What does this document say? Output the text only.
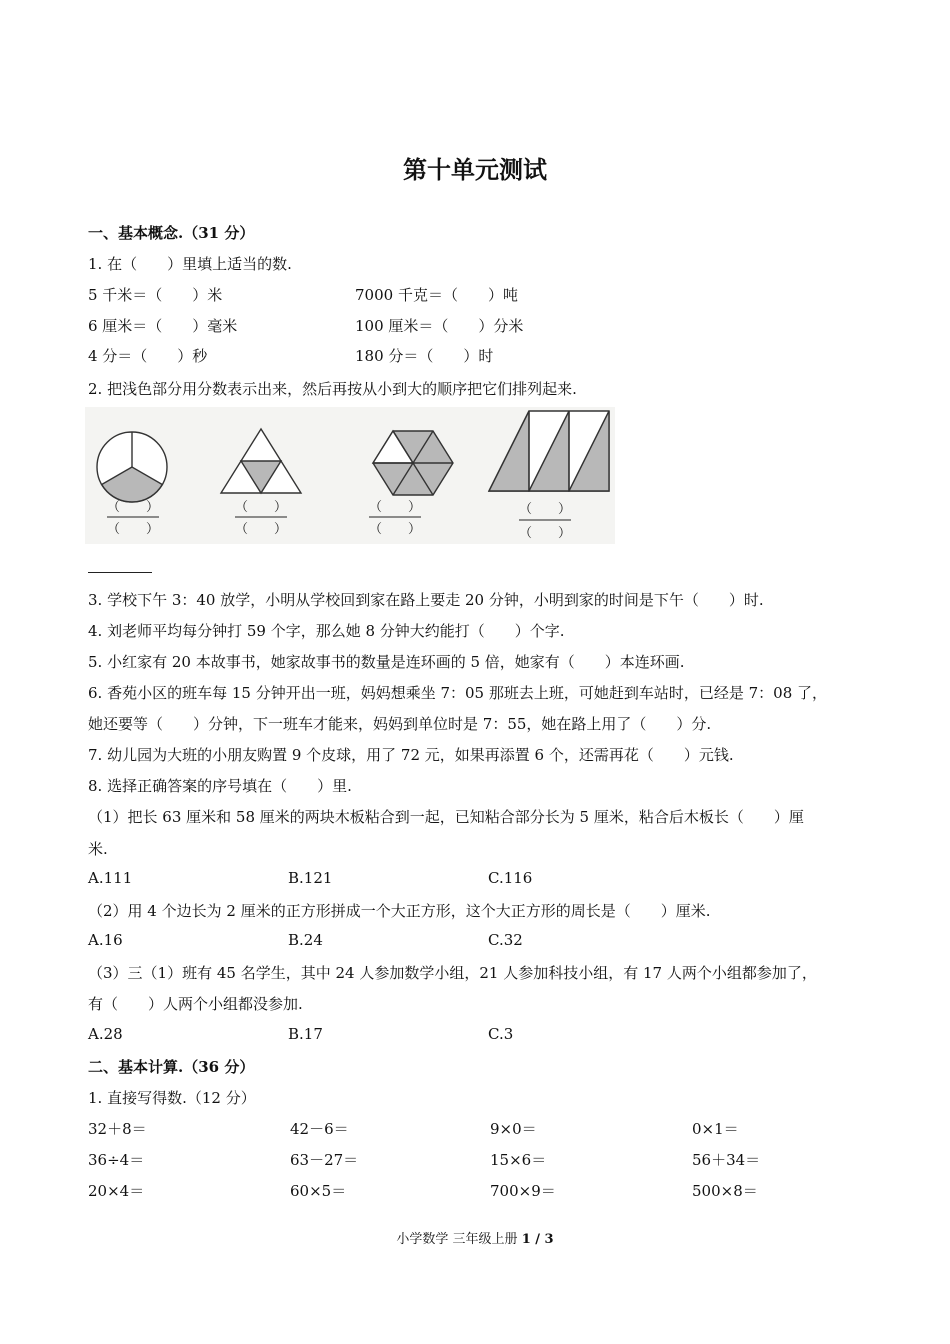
第十单元测试
一、基本概念.（31 分）
1. 在（　　）里填上适当的数.
5 千米＝（　　）米	7000 千克＝（　　）吨
6 厘米＝（　　）毫米	100 厘米＝（　　）分米
4 分＝（　　）秒	180 分＝（　　）时
2. 把浅色部分用分数表示出来，然后再按从小到大的顺序把它们排列起来.
（　　）
（　　）
（　　）
（　　）
（　　）
（　　）
（　　）
（　　）
3. 学校下午 3：40 放学，小明从学校回到家在路上要走 20 分钟，小明到家的时间是下午（　　）时.
4. 刘老师平均每分钟打 59 个字，那么她 8 分钟大约能打（　　）个字.
5. 小红家有 20 本故事书，她家故事书的数量是连环画的 5 倍，她家有（　　）本连环画.
6. 香苑小区的班车每 15 分钟开出一班，妈妈想乘坐 7：05 那班去上班，可她赶到车站时，已经是 7：08 了，
她还要等（　　）分钟，下一班车才能来，妈妈到单位时是 7：55，她在路上用了（　　）分.
7. 幼儿园为大班的小朋友购置 9 个皮球，用了 72 元，如果再添置 6 个，还需再花（　　）元钱.
8. 选择正确答案的序号填在（　　）里.
（1）把长 63 厘米和 58 厘米的两块木板粘合到一起，已知粘合部分长为 5 厘米，粘合后木板长（　　）厘
米.
A.111	B.121	C.116
（2）用 4 个边长为 2 厘米的正方形拼成一个大正方形，这个大正方形的周长是（　　）厘米.
A.16	B.24	C.32
（3）三（1）班有 45 名学生，其中 24 人参加数学小组，21 人参加科技小组，有 17 人两个小组都参加了，
有（　　）人两个小组都没参加.
A.28	B.17	C.3
二、基本计算.（36 分）
1. 直接写得数.（12 分）
32＋8＝	42－6＝	9×0＝	0×1＝
36÷4＝	63－27＝	15×6＝	56＋34＝
20×4＝	60×5＝	700×9＝	500×8＝
小学数学 三年级上册 1 / 3
